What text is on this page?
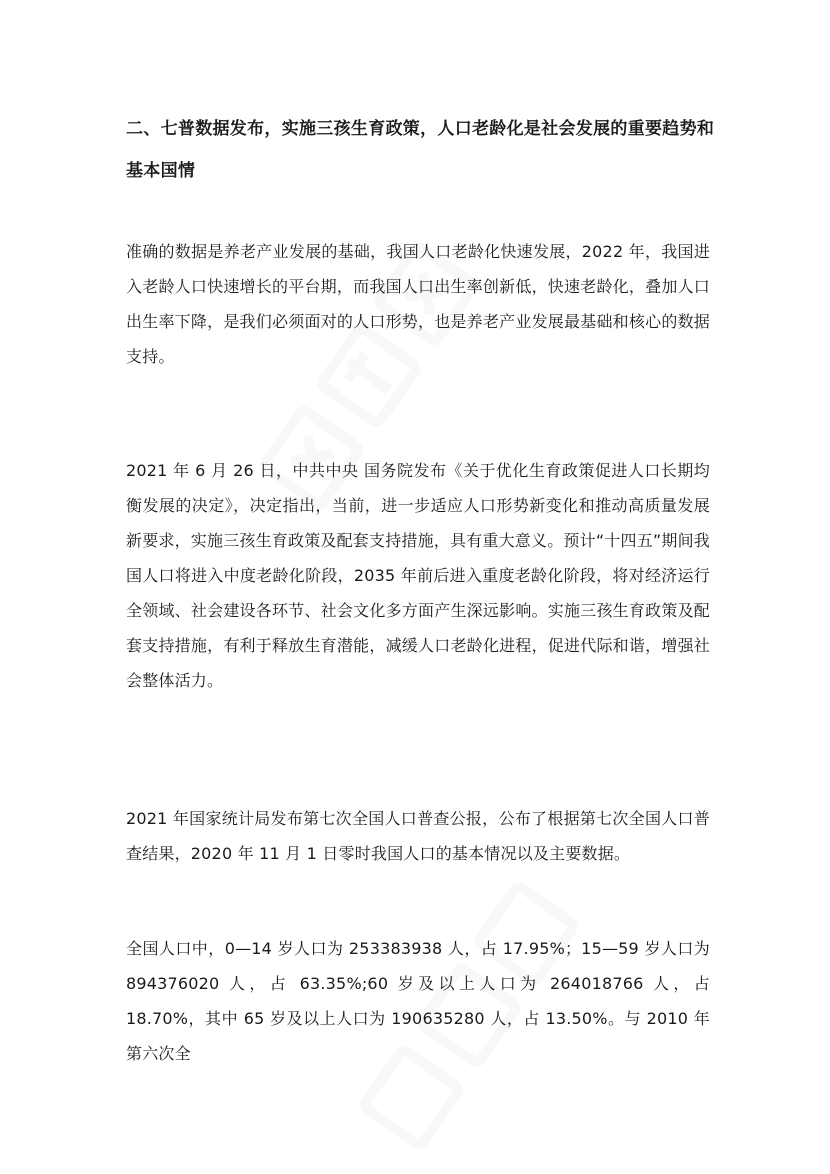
二、七普数据发布，实施三孩生育政策，人口老龄化是社会发展的重要趋势和基本国情

准确的数据是养老产业发展的基础，我国人口老龄化快速发展，2022 年，我国进入老龄人口快速增长的平台期，而我国人口出生率创新低，快速老龄化，叠加人口出生率下降，是我们必须面对的人口形势，也是养老产业发展最基础和核心的数据支持。

2021 年 6 月 26 日，中共中央 国务院发布《关于优化生育政策促进人口长期均衡发展的决定》，决定指出，当前，进一步适应人口形势新变化和推动高质量发展新要求，实施三孩生育政策及配套支持措施，具有重大意义。预计“十四五”期间我国人口将进入中度老龄化阶段，2035 年前后进入重度老龄化阶段，将对经济运行全领域、社会建设各环节、社会文化多方面产生深远影响。实施三孩生育政策及配套支持措施，有利于释放生育潜能，减缓人口老龄化进程，促进代际和谐，增强社会整体活力。

2021 年国家统计局发布第七次全国人口普查公报，公布了根据第七次全国人口普查结果，2020 年 11 月 1 日零时我国人口的基本情况以及主要数据。

全国人口中，0—14 岁人口为 253383938 人，占 17.95%；15—59 岁人口为 894376020 人，占 63.35%;60 岁及以上人口为 264018766 人，占 18.70%，其中 65 岁及以上人口为 190635280 人，占 13.50%。与 2010 年第六次全
